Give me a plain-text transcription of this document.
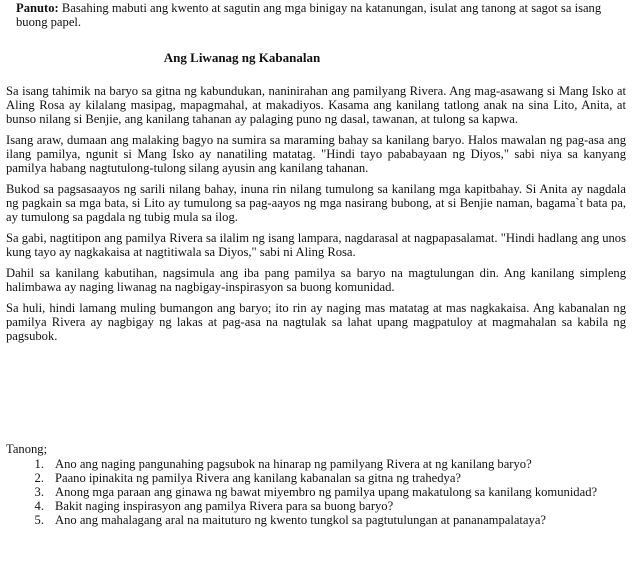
Panuto: Basahing mabuti ang kwento at sagutin ang mga binigay na katanungan, isulat ang tanong at sagot sa isang buong papel.
Ang Liwanag ng Kabanalan

Sa isang tahimik na baryo sa gitna ng kabundukan, naninirahan ang pamilyang Rivera. Ang mag-asawang si Mang Isko at Aling Rosa ay kilalang masipag, mapagmahal, at makadiyos. Kasama ang kanilang tatlong anak na sina Lito, Anita, at bunso nilang si Benjie, ang kanilang tahanan ay palaging puno ng dasal, tawanan, at tulong sa kapwa.

Isang araw, dumaan ang malaking bagyo na sumira sa maraming bahay sa kanilang baryo. Halos mawalan ng pag-asa ang ilang pamilya, ngunit si Mang Isko ay nanatiling matatag. "Hindi tayo pababayaan ng Diyos," sabi niya sa kanyang pamilya habang nagtutulong-tulong silang ayusin ang kanilang tahanan.

Bukod sa pagsasaayos ng sarili nilang bahay, inuna rin nilang tumulong sa kanilang mga kapitbahay. Si Anita ay nagdala ng pagkain sa mga bata, si Lito ay tumulong sa pag-aayos ng mga nasirang bubong, at si Benjie naman, bagama`t bata pa, ay tumulong sa pagdala ng tubig mula sa ilog.

Sa gabi, nagtitipon ang pamilya Rivera sa ilalim ng isang lampara, nagdarasal at nagpapasalamat. "Hindi hadlang ang unos kung tayo ay nagkakaisa at nagtitiwala sa Diyos," sabi ni Aling Rosa.

Dahil sa kanilang kabutihan, nagsimula ang iba pang pamilya sa baryo na magtulungan din. Ang kanilang simpleng halimbawa ay naging liwanag na nagbigay-inspirasyon sa buong komunidad.

Sa huli, hindi lamang muling bumangon ang baryo; ito rin ay naging mas matatag at mas nagkakaisa. Ang kabanalan ng pamilya Rivera ay nagbigay ng lakas at pag-asa na nagtulak sa lahat upang magpatuloy at magmahalan sa kabila ng pagsubok.

Tanong;
1. Ano ang naging pangunahing pagsubok na hinarap ng pamilyang Rivera at ng kanilang baryo?
2. Paano ipinakita ng pamilya Rivera ang kanilang kabanalan sa gitna ng trahedya?
3. Anong mga paraan ang ginawa ng bawat miyembro ng pamilya upang makatulong sa kanilang komunidad?
4. Bakit naging inspirasyon ang pamilya Rivera para sa buong baryo?
5. Ano ang mahalagang aral na maituturo ng kwento tungkol sa pagtutulungan at pananampalataya?
